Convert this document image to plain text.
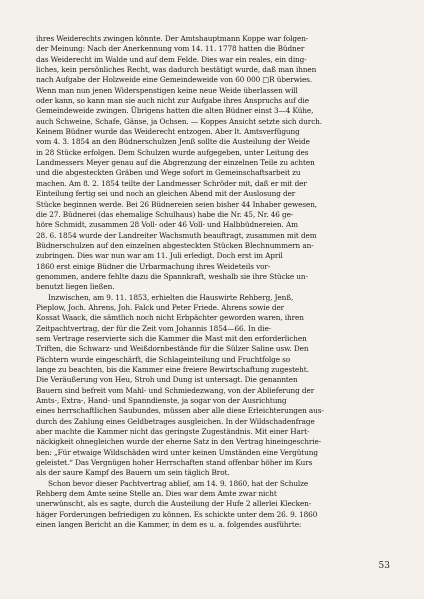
ihres Weiderechts zwingen könnte. Der Amtshauptmann Koppe war folgen-
der Meinung: Nach der Anerkennung vom 14. 11. 1778 hatten die Büdner
das Weiderecht im Walde und auf dem Felde. Dies war ein reales, ein ding-
liches, kein persönliches Recht, was dadurch bestätigt wurde, daß man ihnen
nach Aufgabe der Holzweide eine Gemeindeweide von 60 000 □R überwies.
Wenn man nun jenen Widerspenstigen keine neue Weide überlassen will
oder kann, so kann man sie auch nicht zur Aufgabe ihres Anspruchs auf die
Gemeindeweide zwingen. Übrigens hatten die alten Büdner einst 3—4 Kühe,
auch Schweine, Schafe, Gänse, ja Ochsen. — Koppes Ansicht setzte sich durch.
Keinem Büdner wurde das Weiderecht entzogen. Aber lt. Amtsverfügung
vom 4. 3. 1854 an den Büdnerschulzen Jenß sollte die Austeilung der Weide
in 28 Stücke erfolgen. Dem Schulzen wurde aufgegeben, unter Leitung des
Landmessers Meyer genau auf die Abgrenzung der einzelnen Teile zu achten
und die abgesteckten Gräben und Wege sofort in Gemeinschaftsarbeit zu
machen. Am 8. 2. 1854 teilte der Landmesser Schröder mit, daß er mit der
Einteilung fertig sei und noch an gleichen Abend mit der Auslosung der
Stücke beginnen werde. Bei 26 Büdnereien seien bisher 44 Inhaber gewesen,
die 27. Büdnerei (das ehemalige Schulhaus) habe die Nr. 45, Nr. 46 ge-
höre Schmidt, zusammen 28 Voll- oder 46 Voll- und Halbbüdnereien. Am
28. 6. 1854 wurde der Landreiter Wachsmuth beauftragt, zusammen mit dem
Büdnerschulzen auf den einzelnen abgesteckten Stücken Blechnummern an-
zubringen. Dies war nun war am 11. Juli erledigt. Doch erst im April
1860 erst einige Büdner die Urbarmachung ihres Weideteils vor-
genommen, andere fehlte dazu die Spannkraft, weshalb sie ihre Stücke un-
benutzt liegen ließen.
Inzwischen, am 9. 11. 1853, erhielten die Hauswirte Rehberg, Jenß,
Pieplow, Joch. Ahrens, Joh. Falck und Peter Friede. Ahrens sowie der
Kossat Waack, die sämtlich noch nicht Erbpächter geworden waren, ihren
Zeitpachtvertrag, der für die Zeit vom Johannis 1854—66. In die-
sem Vertrage reservierte sich die Kammer die Mast mit den erforderlichen
Triften, die Schwarz- und Weißdornbestände für die Sülzer Saline usw. Den
Pächtern wurde eingeschärft, die Schlageinteilung und Fruchtfolge so
lange zu beachten, bis die Kammer eine freiere Bewirtschaftung zugesteht.
Die Veräußerung von Heu, Stroh und Dung ist untersagt. Die genannten
Bauern sind befreit vom Mahl- und Schmiedezwang, von der Ablieferung der
Amts-, Extra-, Hand- und Spanndienste, ja sogar von der Ausrichtung
eines herrschaftlichen Saubundes, müssen aber alle diese Erleichterungen aus-
durch des Zahlung eines Geldbetrages ausgleichen. In der Wildschadenfrage
aber machte die Kammer nicht das geringste Zugeständnis. Mit einer Hart-
näckigkeit ohnegleichen wurde der eherne Satz in den Vertrag hineingeschrie-
ben: „Für etwaige Wildschäden wird unter keinen Umständen eine Vergütung
geleistet.“ Das Vergnügen hoher Herrschaften stand offenbar höher im Kurs
als der saure Kampf des Bauern um sein täglich Brot.
Schon bevor dieser Pachtvertrag ablief, am 14. 9. 1860, hat der Schulze
Rehberg dem Amte seine Stelle an. Dies war dem Amte zwar nicht
unerwünscht, als es sagte, durch die Austeilung der Hufe 2 allerlei Klecken-
häger Forderungen befriedigen zu können. Es schickte unter dem 26. 9. 1860
einen langen Bericht an die Kammer, in dem es u. a. folgendes ausführte:
53
